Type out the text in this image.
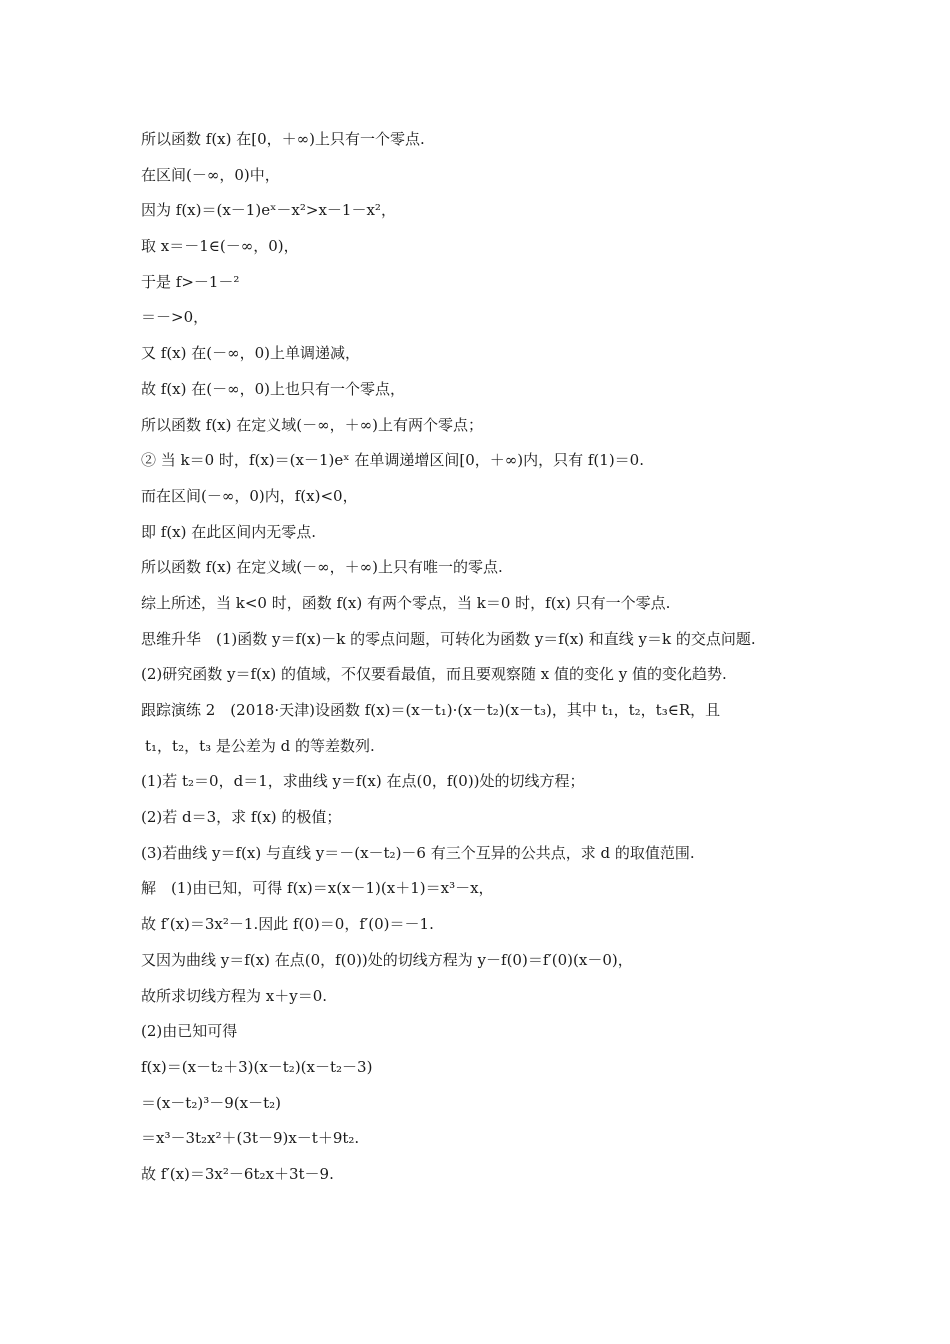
所以函数 f(x) 在[0，＋∞)上只有一个零点.
在区间(－∞，0)中，
因为 f(x)＝(x－1)eˣ－x²>x－1－x²，
取 x＝－1∈(－∞，0)，
于是 f>－1－²
＝－>0，
又 f(x) 在(－∞，0)上单调递减，
故 f(x) 在(－∞，0)上也只有一个零点，
所以函数 f(x) 在定义域(－∞，＋∞)上有两个零点；
② 当 k＝0 时，f(x)＝(x－1)eˣ 在单调递增区间[0，＋∞)内，只有 f(1)＝0.
而在区间(－∞，0)内，f(x)<0，
即 f(x) 在此区间内无零点.
所以函数 f(x) 在定义域(－∞，＋∞)上只有唯一的零点.
综上所述，当 k<0 时，函数 f(x) 有两个零点，当 k＝0 时，f(x) 只有一个零点.
思维升华　(1)函数 y＝f(x)－k 的零点问题，可转化为函数 y＝f(x) 和直线 y＝k 的交点问题.
(2)研究函数 y＝f(x) 的值域，不仅要看最值，而且要观察随 x 值的变化 y 值的变化趋势.
跟踪演练 2　(2018·天津)设函数 f(x)＝(x－t₁)·(x－t₂)(x－t₃)，其中 t₁，t₂，t₃∈R，且
t₁，t₂，t₃ 是公差为 d 的等差数列.
(1)若 t₂＝0，d＝1，求曲线 y＝f(x) 在点(0，f(0))处的切线方程；
(2)若 d＝3，求 f(x) 的极值；
(3)若曲线 y＝f(x) 与直线 y＝－(x－t₂)－6 有三个互异的公共点，求 d 的取值范围.
解　(1)由已知，可得 f(x)＝x(x－1)(x＋1)＝x³－x，
故 f′(x)＝3x²－1.因此 f(0)＝0，f′(0)＝－1.
又因为曲线 y＝f(x) 在点(0，f(0))处的切线方程为 y－f(0)＝f′(0)(x－0)，
故所求切线方程为 x＋y＝0.
(2)由已知可得
f(x)＝(x－t₂＋3)(x－t₂)(x－t₂－3)
＝(x－t₂)³－9(x－t₂)
＝x³－3t₂x²＋(3t－9)x－t＋9t₂.
故 f′(x)＝3x²－6t₂x＋3t－9.
